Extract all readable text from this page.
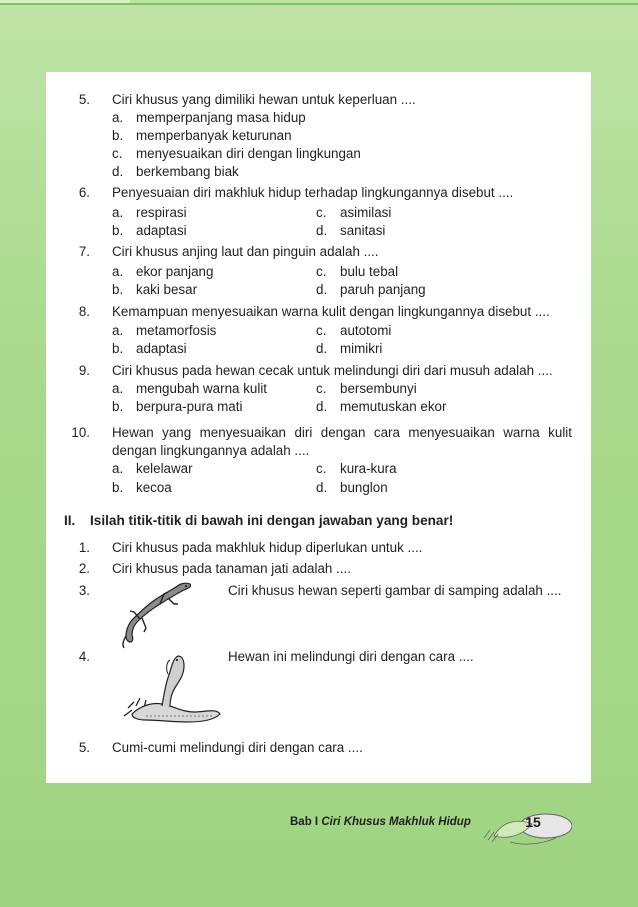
5. Ciri khusus yang dimiliki hewan untuk keperluan ....
a. memperpanjang masa hidup
b. memperbanyak keturunan
c. menyesuaikan diri dengan lingkungan
d. berkembang biak
6. Penyesuaian diri makhluk hidup terhadap lingkungannya disebut ....
a. respirasi	c. asimilasi
b. adaptasi	d. sanitasi
7. Ciri khusus anjing laut dan pinguin adalah ....
a. ekor panjang	c. bulu tebal
b. kaki besar	d. paruh panjang
8. Kemampuan menyesuaikan warna kulit dengan lingkungannya disebut ....
a. metamorfosis	c. autotomi
b. adaptasi	d. mimikri
9. Ciri khusus pada hewan cecak untuk melindungi diri dari musuh adalah ....
a. mengubah warna kulit	c. bersembunyi
b. berpura-pura mati	d. memutuskan ekor
10. Hewan yang menyesuaikan diri dengan cara menyesuaikan warna kulit
dengan lingkungannya adalah ....
a. kelelawar	c. kura-kura
b. kecoa	d. bunglon
II. Isilah titik-titik di bawah ini dengan jawaban yang benar!
1. Ciri khusus pada makhluk hidup diperlukan untuk ....
2. Ciri khusus pada tanaman jati adalah ....
3.	Ciri khusus hewan seperti gambar di samping adalah ....
4.	Hewan ini melindungi diri dengan cara ....
5. Cumi-cumi melindungi diri dengan cara ....
Bab I Ciri Khusus Makhluk Hidup	15
